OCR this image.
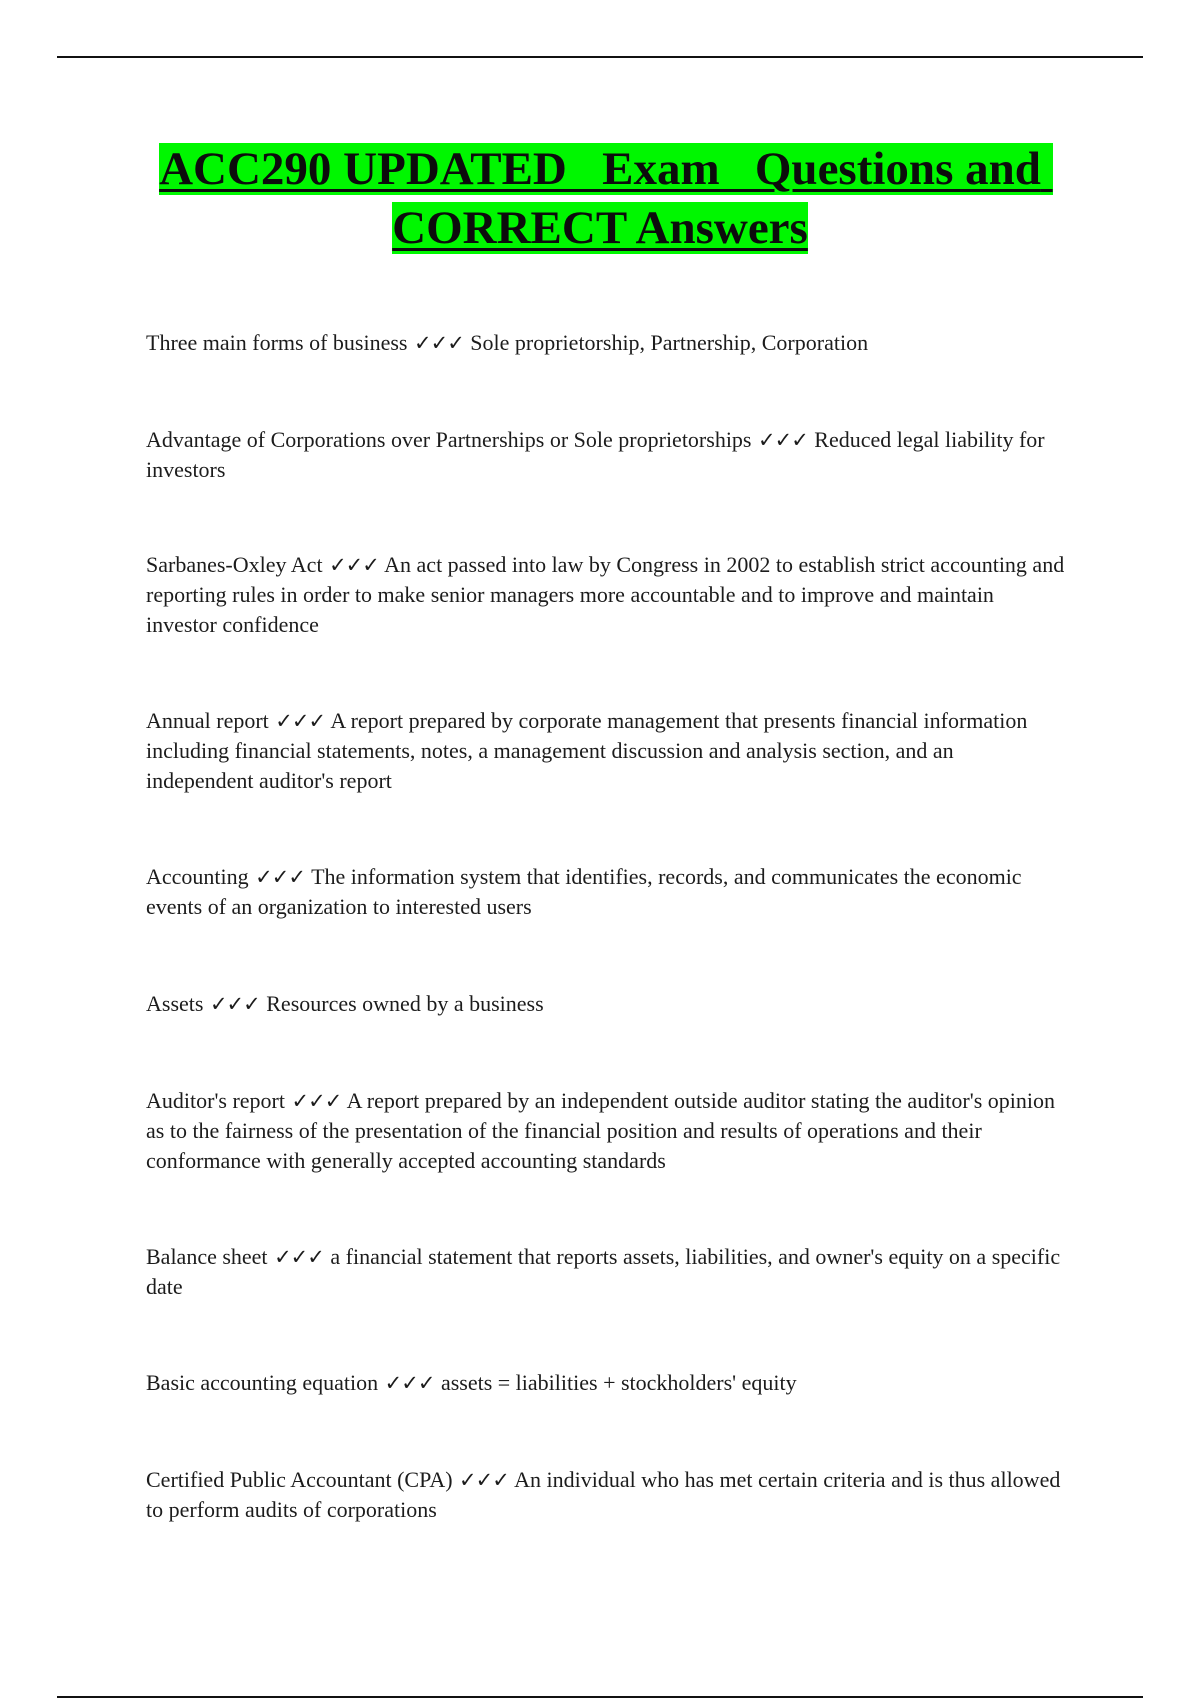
ACC290 UPDATED   Exam   Questions and CORRECT Answers

Three main forms of business ✓✓✓ Sole proprietorship, Partnership, Corporation

Advantage of Corporations over Partnerships or Sole proprietorships ✓✓✓ Reduced legal liability for investors

Sarbanes-Oxley Act ✓✓✓ An act passed into law by Congress in 2002 to establish strict accounting and reporting rules in order to make senior managers more accountable and to improve and maintain investor confidence

Annual report ✓✓✓ A report prepared by corporate management that presents financial information including financial statements, notes, a management discussion and analysis section, and an independent auditor's report

Accounting ✓✓✓ The information system that identifies, records, and communicates the economic events of an organization to interested users

Assets ✓✓✓ Resources owned by a business

Auditor's report ✓✓✓ A report prepared by an independent outside auditor stating the auditor's opinion as to the fairness of the presentation of the financial position and results of operations and their conformance with generally accepted accounting standards

Balance sheet ✓✓✓ a financial statement that reports assets, liabilities, and owner's equity on a specific date

Basic accounting equation ✓✓✓ assets = liabilities + stockholders' equity

Certified Public Accountant (CPA) ✓✓✓ An individual who has met certain criteria and is thus allowed to perform audits of corporations
